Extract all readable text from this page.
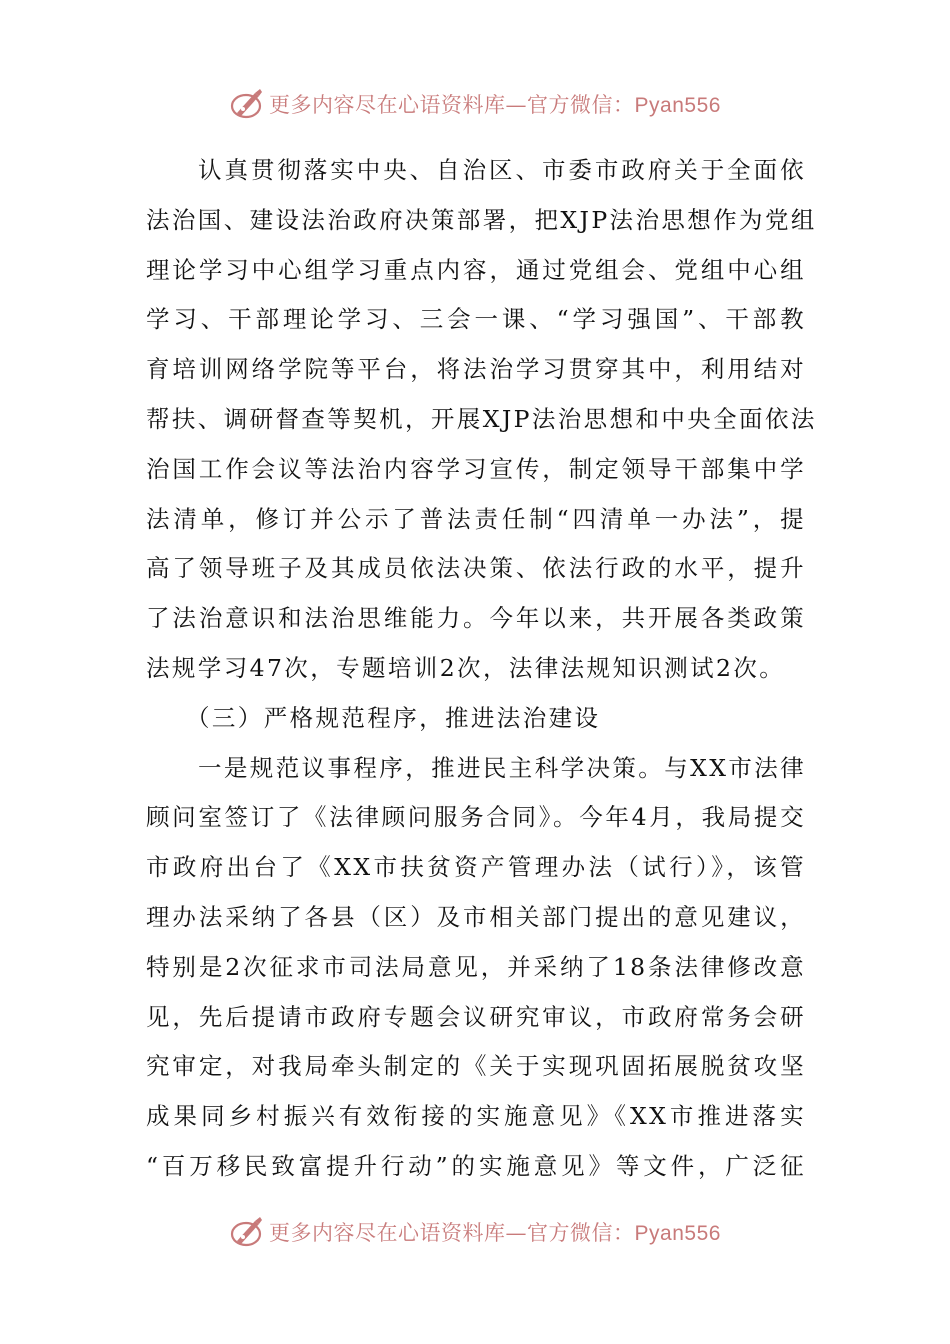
更多内容尽在心语资料库—官方微信：Pyan556
认真贯彻落实中央、自治区、市委市政府关于全面依
法治国、建设法治政府决策部署，把XJP法治思想作为党组
理论学习中心组学习重点内容，通过党组会、党组中心组
学习、干部理论学习、三会一课、“学习强国”、干部教
育培训网络学院等平台，将法治学习贯穿其中，利用结对
帮扶、调研督查等契机，开展XJP法治思想和中央全面依法
治国工作会议等法治内容学习宣传，制定领导干部集中学
法清单，修订并公示了普法责任制“四清单一办法”，提
高了领导班子及其成员依法决策、依法行政的水平，提升
了法治意识和法治思维能力。今年以来，共开展各类政策
法规学习47次，专题培训2次，法律法规知识测试2次。
（三）严格规范程序，推进法治建设
一是规范议事程序，推进民主科学决策。与XX市法律
顾问室签订了《法律顾问服务合同》。今年4月，我局提交
市政府出台了《XX市扶贫资产管理办法（试行）》，该管
理办法采纳了各县（区）及市相关部门提出的意见建议，
特别是2次征求市司法局意见，并采纳了18条法律修改意
见，先后提请市政府专题会议研究审议，市政府常务会研
究审定，对我局牵头制定的《关于实现巩固拓展脱贫攻坚
成果同乡村振兴有效衔接的实施意见》《XX市推进落实
“百万移民致富提升行动”的实施意见》等文件，广泛征
更多内容尽在心语资料库—官方微信：Pyan556
